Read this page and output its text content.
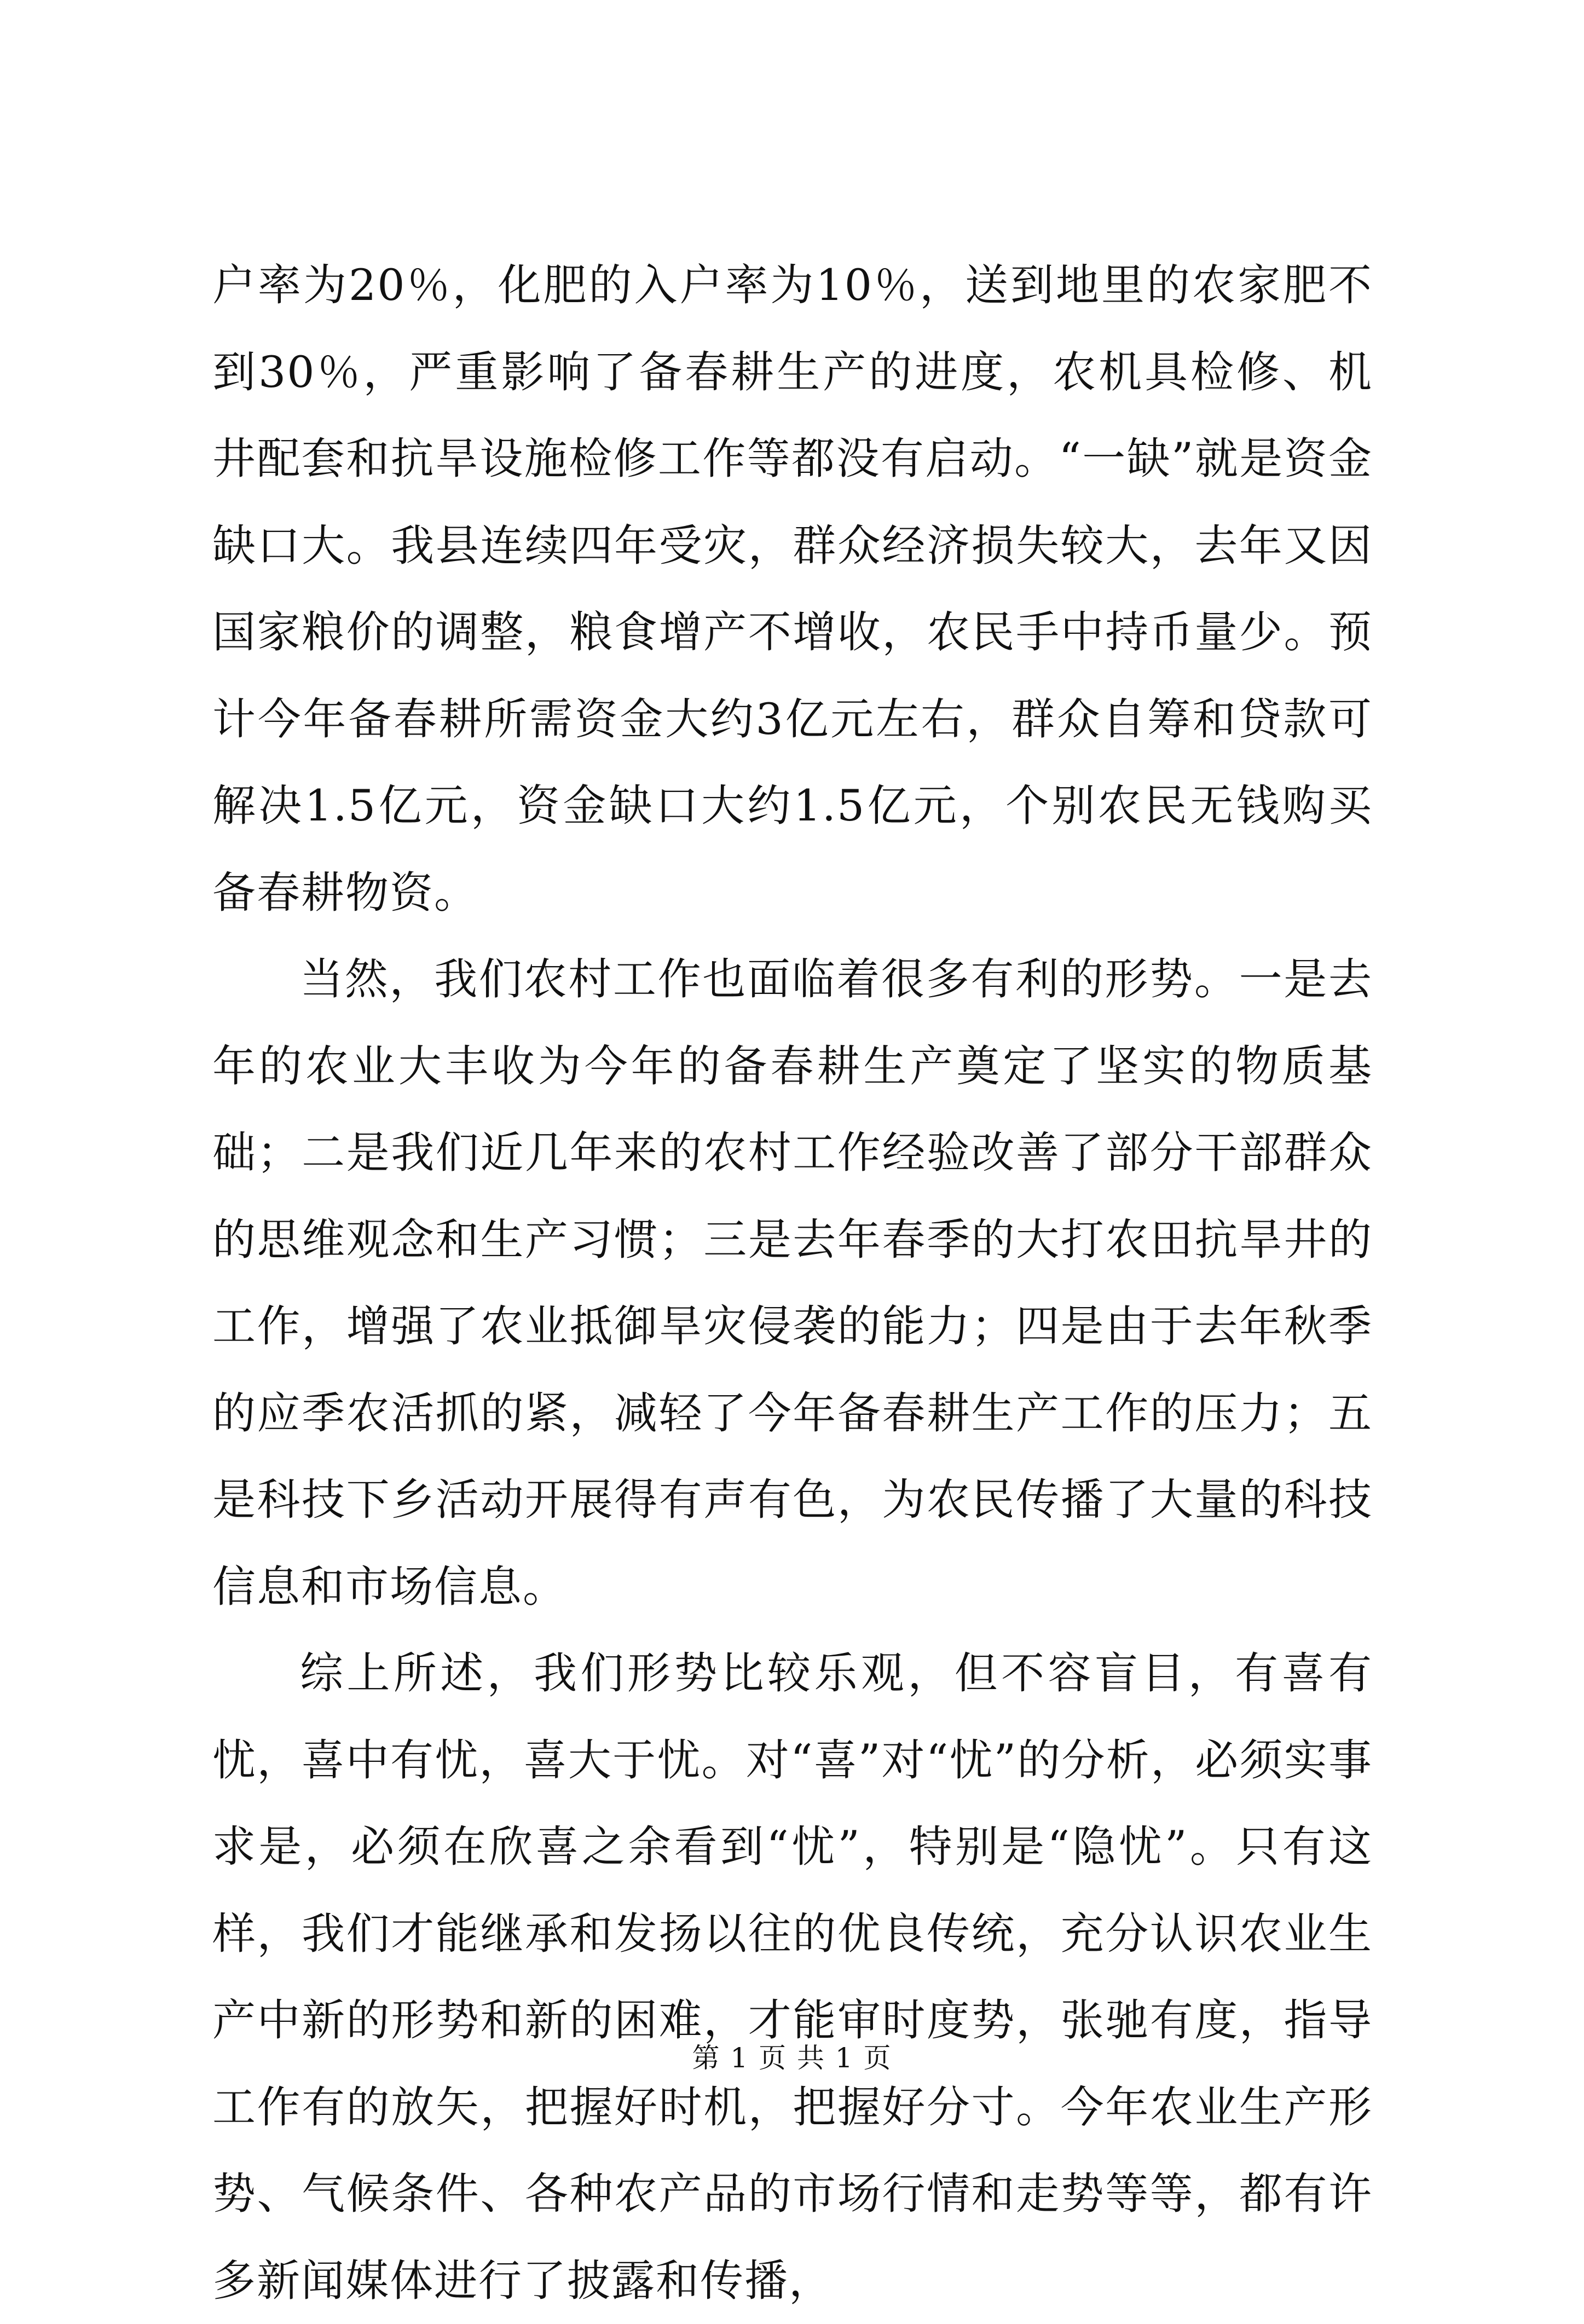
户率为20％，化肥的入户率为10％，送到地里的农家肥不到30％，严重影响了备春耕生产的进度，农机具检修、机井配套和抗旱设施检修工作等都没有启动。“一缺”就是资金缺口大。我县连续四年受灾，群众经济损失较大，去年又因国家粮价的调整，粮食增产不增收，农民手中持币量少。预计今年备春耕所需资金大约3亿元左右，群众自筹和贷款可解决1.5亿元，资金缺口大约1.5亿元，个别农民无钱购买备春耕物资。

当然，我们农村工作也面临着很多有利的形势。一是去年的农业大丰收为今年的备春耕生产奠定了坚实的物质基础；二是我们近几年来的农村工作经验改善了部分干部群众的思维观念和生产习惯；三是去年春季的大打农田抗旱井的工作，增强了农业抵御旱灾侵袭的能力；四是由于去年秋季的应季农活抓的紧，减轻了今年备春耕生产工作的压力；五是科技下乡活动开展得有声有色，为农民传播了大量的科技信息和市场信息。

综上所述，我们形势比较乐观，但不容盲目，有喜有忧，喜中有忧，喜大于忧。对“喜”对“忧”的分析，必须实事求是，必须在欣喜之余看到“忧”，特别是“隐忧”。只有这样，我们才能继承和发扬以往的优良传统，充分认识农业生产中新的形势和新的困难，才能审时度势，张驰有度，指导工作有的放矢，把握好时机，把握好分寸。今年农业生产形势、气候条件、各种农产品的市场行情和走势等等，都有许多新闻媒体进行了披露和传播，

第 1 页 共 1 页
